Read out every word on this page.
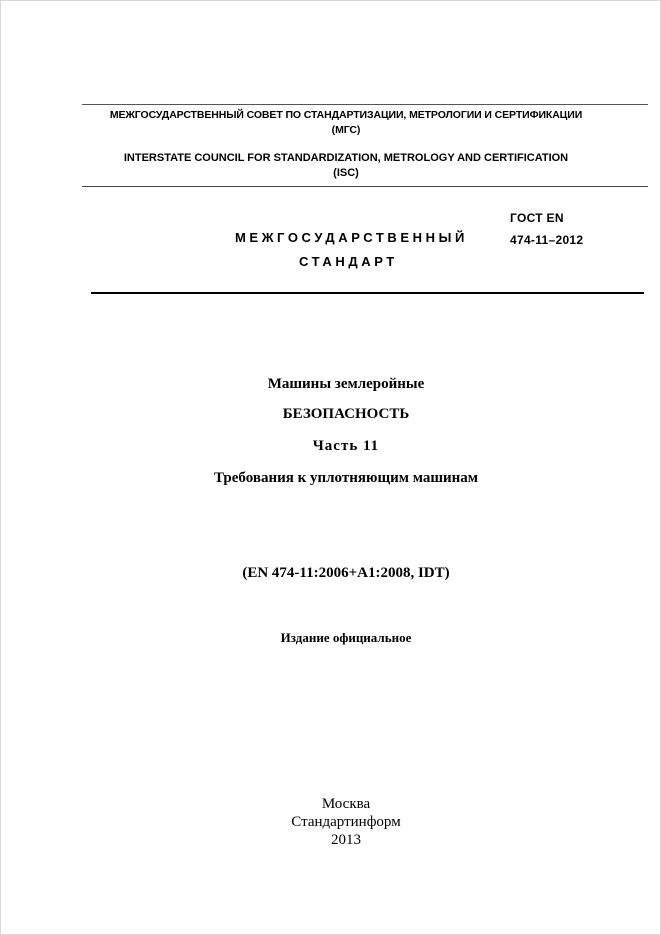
МЕЖГОСУДАРСТВЕННЫЙ СОВЕТ ПО СТАНДАРТИЗАЦИИ, МЕТРОЛОГИИ И СЕРТИФИКАЦИИ
(МГС)
INTERSTATE COUNCIL FOR STANDARDIZATION, METROLOGY AND CERTIFICATION
(ISC)
МЕЖГОСУДАРСТВЕННЫЙ
СТАНДАРТ
ГОСТ EN
474-11–2012
Машины землеройные
БЕЗОПАСНОСТЬ
Часть 11
Требования к уплотняющим машинам
(EN 474-11:2006+A1:2008, IDT)
Издание официальное
Москва
Стандартинформ
2013
